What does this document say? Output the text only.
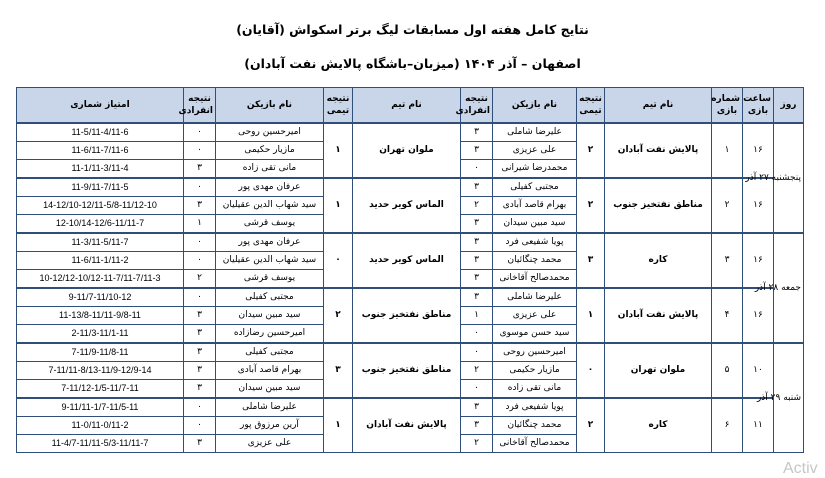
نتایج کامل هفته اول مسابقات لیگ برتر اسکواش (آقایان)
اصفهان – آذر ۱۴۰۴ (میزبان–باشگاه پالایش نفت آبادان)
روز	ساعت بازی	شماره بازی	نام تیم	نتیجه تیمی	نام بازیکن	نتیجه انفرادی	نام تیم	نتیجه تیمی	نام بازیکن	نتیجه انفرادی	امتیاز شماری
پنجشنبه ۲۷ آذر	۱۶	۱	پالایش نفت آبادان	۲	علیرضا شاملی	۳	ملوان تهران	۱	امیرحسین روحی	۰	11-5/11-4/11-6
					علی عزیزی	۳			مازیار حکیمی	۰	11-6/11-7/11-6
					محمدرضا شیرانی	۰			مانی تقی زاده	۳	11-1/11-3/11-4
	۱۶	۲	مناطق نفتخیز جنوب	۲	مجتبی کفیلی	۳	الماس کویر حدید	۱	عرفان مهدی پور	۰	11-9/11-7/11-5
					بهرام قاصد آبادی	۲			سید شهاب الدین عقیلیان	۳	14-12/10-12/11-5/8-11/12-10
					سید مبین سیدان	۳			یوسف قرشی	۱	12-10/14-12/6-11/11-7
جمعه ۲۸ آذر	۱۶	۳	کاره	۳	پویا شفیعی فرد	۳	الماس کویر حدید	۰	عرفان مهدی پور	۰	11-3/11-5/11-7
					محمد چنگائیان	۳			سید شهاب الدین عقیلیان	۰	11-6/11-1/11-2
					محمدصالح آقاخانی	۳			یوسف قرشی	۲	10-12/12-10/12-11-7/11-7/11-3
	۱۶	۴	پالایش نفت آبادان	۱	علیرضا شاملی	۳	مناطق نفتخیز جنوب	۲	مجتبی کفیلی	۰	9-11/7-11/10-12
					علی عزیزی	۱			سید مبین سیدان	۳	11-13/8-11/11-9/8-11
					سید حسن موسوی	۰			امیرحسین رضازاده	۳	2-11/3-11/1-11
شنبه ۲۹ آذر	۱۰	۵	ملوان تهران	۰	امیرحسین روحی	۰	مناطق نفتخیز جنوب	۳	مجتبی کفیلی	۳	7-11/9-11/8-11
					مازیار حکیمی	۲			بهرام قاصد آبادی	۳	7-11/11-8/13-11/9-12/9-14
					مانی تقی زاده	۰			سید مبین سیدان	۳	7-11/12-1/5-11/7-11
	۱۱	۶	کاره	۲	پویا شفیعی فرد	۳	پالایش نفت آبادان	۱	علیرضا شاملی	۰	9-11/11-1/7-11/5-11
					محمد چنگائیان	۳			آرین مرزوق پور	۰	11-0/11-0/11-2
					محمدصالح آقاخانی	۲			علی عزیزی	۳	11-4/7-11/11-5/3-11/11-7
Activ
